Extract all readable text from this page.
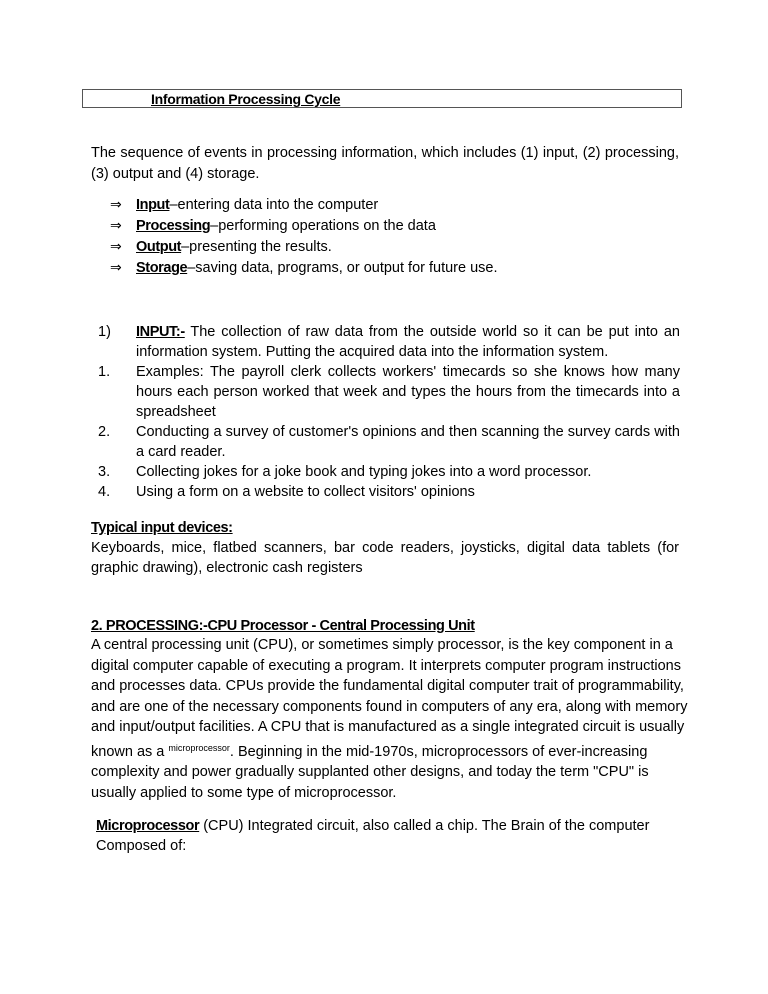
Information Processing Cycle

The sequence of events in processing information, which includes (1) input, (2) processing, (3) output and (4) storage.

⇒ Input–entering data into the computer
⇒ Processing–performing operations on the data
⇒ Output–presenting the results.
⇒ Storage–saving data, programs, or output for future use.
1)	INPUT:- The collection of raw data from the outside world so it can be put into an information system. Putting the acquired data into the information system.
1.	Examples: The payroll clerk collects workers' timecards so she knows how many hours each person worked that week and types the hours from the timecards into a spreadsheet
2.	Conducting a survey of customer's opinions and then scanning the survey cards with a card reader.
3.	Collecting jokes for a joke book and typing jokes into a word processor.
4.	Using a form on a website to collect visitors' opinions
Typical input devices:

Keyboards, mice, flatbed scanners, bar code readers, joysticks, digital data tablets (for graphic drawing), electronic cash registers

2. PROCESSING:-CPU Processor - Central Processing Unit

A central processing unit (CPU), or sometimes simply processor, is the key component in a digital computer capable of executing a program. It interprets computer program instructions and processes data. CPUs provide the fundamental digital computer trait of programmability, and are one of the necessary components found in computers of any era, along with memory and input/output facilities. A CPU that is manufactured as a single integrated circuit is usually known as a $^{microprocessor}$. Beginning in the mid-1970s, microprocessors of ever-increasing complexity and power gradually supplanted other designs, and today the term "CPU" is usually applied to some type of microprocessor.

Microprocessor (CPU) Integrated circuit, also called a chip. The Brain of the computer Composed of:
